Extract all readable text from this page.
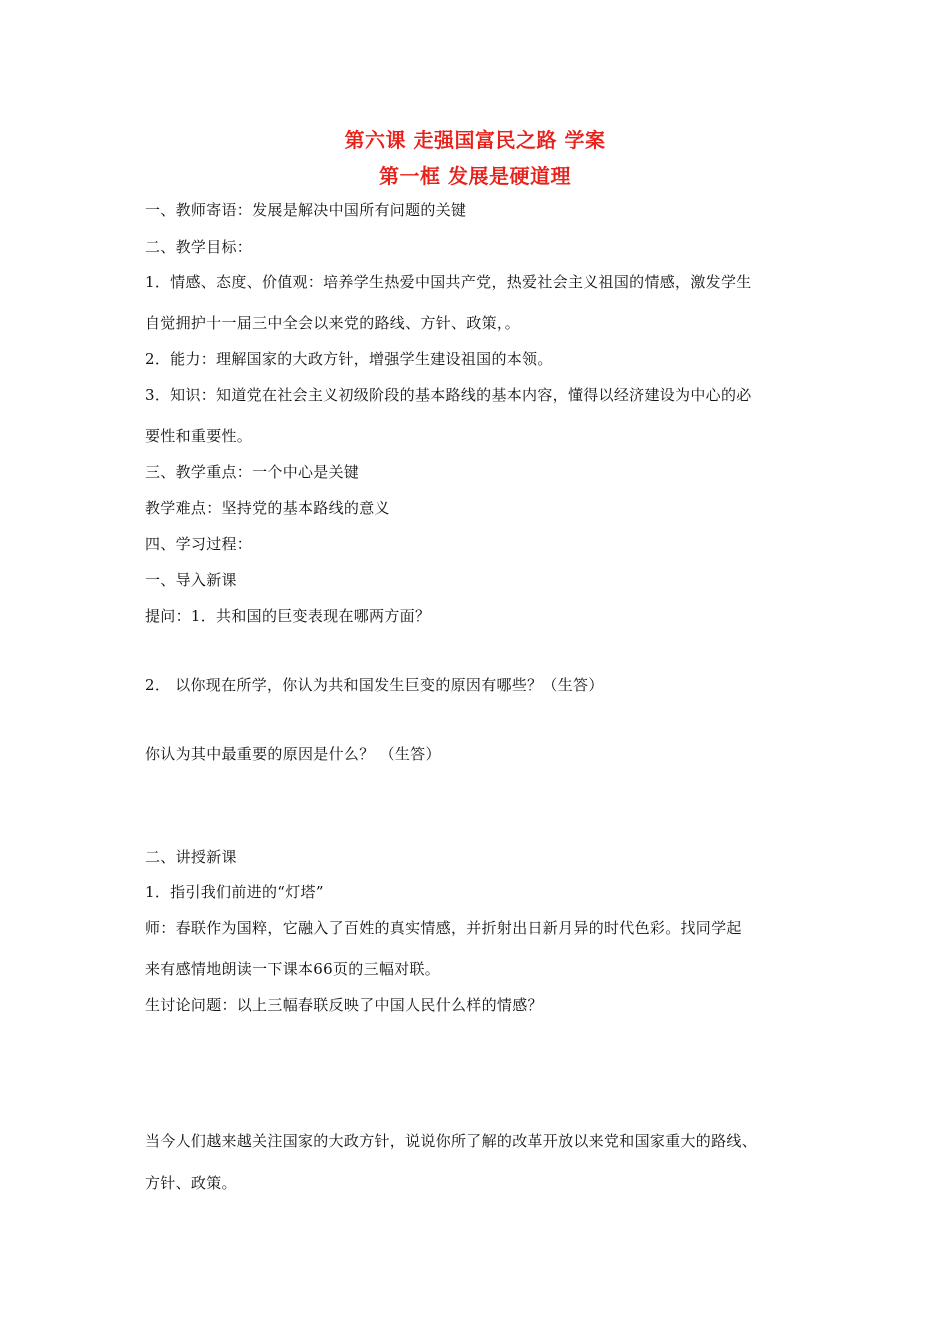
第六课 走强国富民之路 学案
第一框 发展是硬道理
一、教师寄语：发展是解决中国所有问题的关键
二、教学目标：
1．情感、态度、价值观：培养学生热爱中国共产党，热爱社会主义祖国的情感，激发学生
自觉拥护十一届三中全会以来党的路线、方针、政策，。
2．能力：理解国家的大政方针，增强学生建设祖国的本领。
3．知识：知道党在社会主义初级阶段的基本路线的基本内容，懂得以经济建设为中心的必
要性和重要性。
三、教学重点：一个中心是关键
教学难点：坚持党的基本路线的意义
四、学习过程：
一、导入新课
提问：1．共和国的巨变表现在哪两方面？
2． 以你现在所学，你认为共和国发生巨变的原因有哪些？（生答）
你认为其中最重要的原因是什么？ （生答）
二、讲授新课
1．指引我们前进的“灯塔”
师：春联作为国粹，它融入了百姓的真实情感，并折射出日新月异的时代色彩。找同学起
来有感情地朗读一下课本66页的三幅对联。
生讨论问题：以上三幅春联反映了中国人民什么样的情感？
当今人们越来越关注国家的大政方针，说说你所了解的改革开放以来党和国家重大的路线、
方针、政策。
